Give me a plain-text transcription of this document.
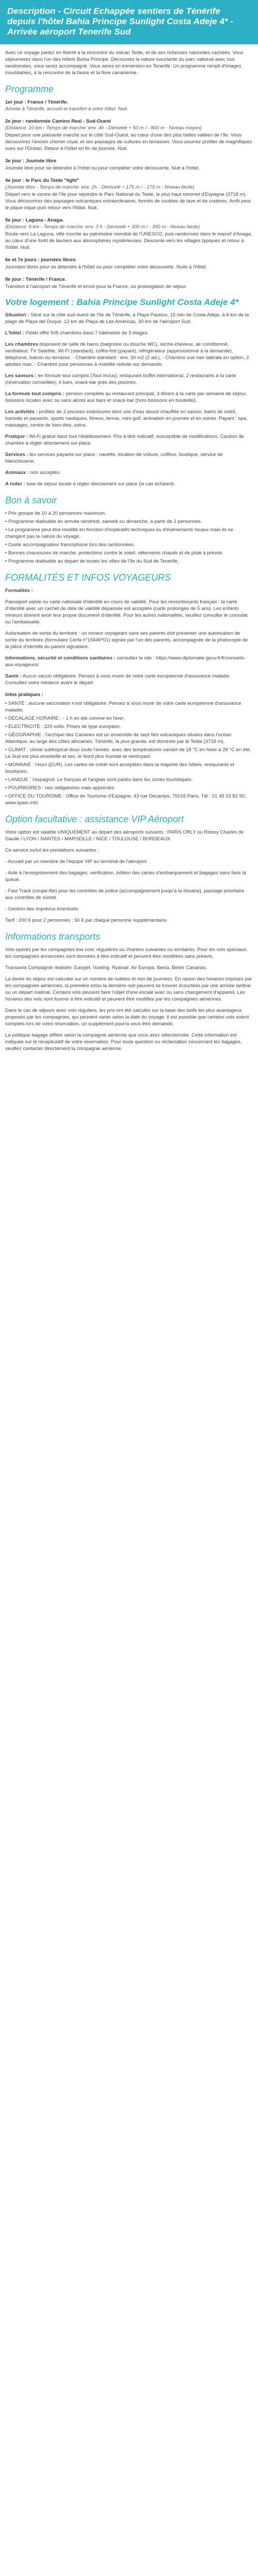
Description - Circuit Echappée sentiers de Ténérife depuis l'hôtel Bahia Principe Sunlight Costa Adeje 4* - Arrivée aéroport Tenerife Sud

Avec ce voyage partez en liberté a la rencontre du volcan Teide, et de ses richesses naturelles cachées. Vous séjournerez dans l'un des hôtels Bahia Principe. Découvrez la nature luxuriante du parc national avec nos randonnées, vous serez accompagné. Vous serez en immersion en Tenerife. Un programme rempli d'images inoubliables, à la rencontre de la faune et la flore canarienne.

Programme
1er jour : France / Ténérife.
Arrivée à Ténérife, accueil et transfert à votre hôtel. Nuit.
2e jour : randonnée Camino Real - Sud-Ouest
(Distance: 10 km - Temps de marche: env. 4h - Dénivelé + 50 m / - 800 m - Niveau moyen)
Départ pour une plaisante marche sur le côté Sud-Ouest, au cœur d'une des plus belles vallées de l'île. Vous découvrirez l'ancien chemin royal, et ses paysages de cultures en terrasses. Vous pourrez profiter de magnifiques vues sur l'Océan. Retour à l'hôtel en fin de journée. Nuit.
3e jour : Journée libre
Journée libre pour se détendre à l'hôtel ou pour compléter votre découverte. Nuit à l'hôtel.
4e jour : le Parc du Teide "light"
(Journée libre - Temps de marche: env. 2h - Dénivelé + 175 m / - 175 m - Niveau facile)
Départ vers le centre de l'île pour rejoindre le Parc National du Teide, le plus haut sommet d'Espagne (3718 m). Vous découvrirez des paysages volcaniques extraordinaires, formés de coulées de lave et de cratères. Arrêt pour le pique-nique puis retour vers l'hôtel. Nuit.
5e jour : Laguna - Anaga.
(Distance: 9 km - Temps de marche: env. 3 h - Dénivelé + 300 m / - 300 m - Niveau facile)
Route vers La Laguna, ville inscrite au patrimoine mondial de l'UNESCO, puis randonnée dans le massif d'Anaga, au cœur d'une forêt de lauriers aux atmosphères mystérieuses. Descente vers les villages typiques et retour à l'hôtel. Nuit.
6e et 7e jours : journées libres
Journées libres pour se détendre à l'hôtel ou pour compléter votre découverte. Nuits à l'hôtel.
8e jour : Ténérife / France.
Transfert à l'aéroport de Ténérife et envol pour la France, ou prolongation de séjour.
Votre logement : Bahia Principe Sunlight Costa Adeje 4*

Situation : Situé sur la côte sud-ouest de l'île de Ténérife, à Playa Paraíso, 15 min de Costa Adeje, à 6 km de la plage de Playa del Duque, 12 km de Playa de Las Américas, 30 km de l'aéroport Sud.

L'hôtel : l'hôtel offre 505 chambres dans 7 bâtiments de 3 étages.

Les chambres disposent de salle de bains (baignoire ou douche WC), sèche-cheveux, air conditionné, ventilateur, TV Satellite, Wi-Fi (standard), coffre-fort (payant), réfrigérateur (approvisionné à la demande), téléphone, balcon ou terrasse. - Chambre standard : env. 30 m2 (2 ad.), - Chambre vue mer latérale en option, 2 adultes max. - Chambre pour personnes à mobilité réduite sur demande.

Les saveurs : en formule tout compris (Tout inclus): restaurant buffet international, 2 restaurants à la carte (réservation conseillée), 4 bars, snack-bar près des piscines.

La formule tout compris : pension complète au restaurant principal, 3 dîners à la carte par semaine de séjour, boissons locales avec ou sans alcool aux bars et snack-bar (hors boissons en bouteille).

Les activités : profitez de 2 piscines extérieures dont une d'eau douce chauffée en saison, bains de soleil, transats et parasols, sports nautiques, fitness, tennis, mini-golf, animation en journée et en soirée. Payant : spa, massages, centre de bien-être, soins.

Pratique : Wi-Fi gratuit dans tout l'établissement. Prix à titre indicatif, susceptible de modifications. Caution de chambre à régler directement sur place.

Services : les services payants sur place : navette, location de voiture, coiffeur, boutique, service de blanchisserie.

Animaux : non acceptés.

A noter : taxe de séjour locale à régler directement sur place (le cas échéant).

Bon à savoir
• Prix groupe de 10 à 20 personnes maximum.
• Programme réalisable en arrivée vendredi, samedi ou dimanche, à partir de 2 personnes.
• Le programme peut être modifié en fonction d'impératifs techniques ou d'événements locaux mais ils ne changent pas la nature du voyage.
• Guide accompagnateur francophone lors des randonnées.
• Bonnes chaussures de marche, protections contre le soleil, vêtements chauds et de pluie à prévoir.
• Programme réalisable au départ de toutes les villes de l'île du Sud de Tenerife.
FORMALITÉS ET INFOS VOYAGEURS

Formalités :

Passeport valide ou carte nationale d'identité en cours de validité. Pour les ressortissants français : la carte d'identité avec un cachet de date de validité dépassée est acceptée (carte prolongée de 5 ans). Les enfants mineurs doivent avoir leur propre document d'identité. Pour les autres nationalités, veuillez consulter le consulat ou l'ambassade.

Autorisation de sortie du territoire : un mineur voyageant sans ses parents doit présenter une autorisation de sortie du territoire (formulaire Cerfa n°15646*01) signée par l'un des parents, accompagnée de la photocopie de la pièce d'identité du parent signataire.

Informations, sécurité et conditions sanitaires : consultez le site : https://www.diplomatie.gouv.fr/fr/conseils-aux-voyageurs/

Santé : Aucun vaccin obligatoire. Pensez à vous munir de votre carte européenne d'assurance maladie. Consultez votre médecin avant le départ.

Infos pratiques :
• SANTÉ : aucune vaccination n'est obligatoire. Pensez à vous munir de votre carte européenne d'assurance maladie.
• DÉCALAGE HORAIRE : - 1 h en été comme en hiver.
• ÉLECTRICITÉ : 220 volts. Prises de type européen.
• GÉOGRAPHIE : l'archipel des Canaries est un ensemble de sept îles volcaniques situées dans l'océan Atlantique, au large des côtes africaines. Ténérife, la plus grande, est dominée par le Teide (3718 m).
• CLIMAT : climat subtropical doux toute l'année, avec des températures variant de 18 °C en hiver à 28 °C en été. Le Sud est plus ensoleillé et sec, le Nord plus humide et verdoyant.
• MONNAIE : l'euro (EUR). Les cartes de crédit sont acceptées dans la majorité des hôtels, restaurants et boutiques.
• LANGUE : l'espagnol. Le français et l'anglais sont parlés dans les zones touristiques.
• POURBOIRES : non obligatoires mais appréciés.
• OFFICE DU TOURISME : Office de Tourisme d'Espagne, 43 rue Decamps, 75016 Paris, Tél : 01 45 03 82 50, www.spain.info
Option facultative : assistance VIP Aéroport

Votre option est valable UNIQUEMENT au départ des aéroports suivants : PARIS ORLY ou Roissy Charles de Gaulle / LYON / NANTES / MARSEILLE / NICE / TOULOUSE / BORDEAUX.

Ce service inclut les prestations suivantes :

- Accueil par un membre de l'équipe VIP au terminal de l'aéroport.

- Aide à l'enregistrement des bagages, vérification, édition des cartes d'embarquement et bagages sans faire la queue.

- Fast Track (coupe-file) pour les contrôles de police (accompagnement jusqu'à la douane), passage prioritaire aux contrôles de sûreté.

- Gestion des imprévus éventuels.

Tarif : 200 € pour 2 personnes ; 50 € par chaque personne supplémentaire.

Informations transports

Vols opérés par les compagnies low cost, régulières ou charters suivantes ou similaires. Pour les vols spéciaux, les compagnies annoncées sont données à titre indicatif et peuvent être modifiées sans préavis.

Transavia Compagnie réalisée: Easyjet, Vueling, Ryanair, Air Europa, Iberia, Binter Canarias.

La durée du séjour est calculée sur un nombre de nuitées et non de journées. En raison des horaires imposés par les compagnies aériennes, la première et/ou la dernière nuit peuvent se trouver écourtées par une arrivée tardive ou un départ matinal. Certains vols peuvent faire l'objet d'une escale avec ou sans changement d'appareil. Les horaires des vols sont fournis à titre indicatif et peuvent être modifiés par les compagnies aériennes.

Dans le cas de séjours avec vols réguliers, les prix ont été calculés sur la base des tarifs les plus avantageux proposés par les compagnies, qui peuvent varier selon la date du voyage. Il est possible que certains vols soient complets lors de votre réservation, un supplément pourra vous être demandé.

La politique bagage diffère selon la compagnie aérienne que vous avez sélectionnée. Cette information est indiquée sur le récapitulatif de votre réservation. Pour toute question ou réclamation concernant les bagages, veuillez contacter directement la compagnie aérienne.
